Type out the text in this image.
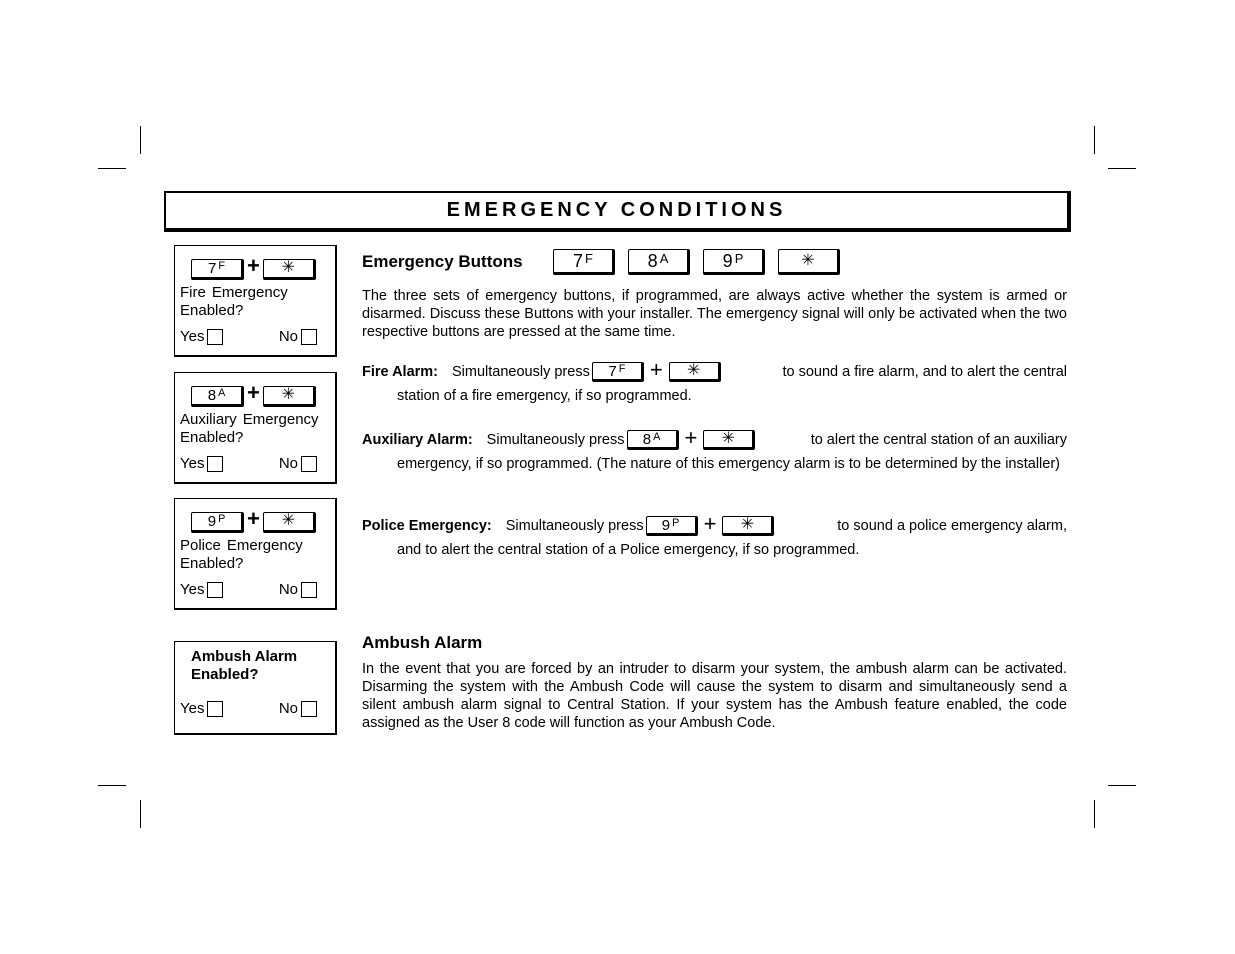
EMERGENCY CONDITIONS
7 F + ✳
Fire Emergency
Enabled?
Yes	No
8 A + ✳
Auxiliary Emergency
Enabled?
Yes	No
9 P + ✳
Police Emergency
Enabled?
Yes	No
Ambush Alarm
Enabled?
Yes	No
Emergency Buttons	7 F	8 A	9 P	✳
The three sets of emergency buttons, if programmed, are always active whether the system is armed or disarmed. Discuss these Buttons with your installer. The emergency signal will only be activated when the two respective buttons are pressed at the same time.
Fire Alarm: Simultaneously press 7 F + ✳	to sound a fire alarm, and to alert the central
station of a fire emergency, if so programmed.
Auxiliary Alarm: Simultaneously press 8 A + ✳	to alert the central station of an auxiliary
emergency, if so programmed. (The nature of this emergency alarm is to be determined by the installer)
Police Emergency: Simultaneously press 9 P + ✳	to sound a police emergency alarm,
and to alert the central station of a Police emergency, if so programmed.
Ambush Alarm
In the event that you are forced by an intruder to disarm your system, the ambush alarm can be activated. Disarming the system with the Ambush Code will cause the system to disarm and simultaneously send a silent ambush alarm signal to Central Station. If your system has the Ambush feature enabled, the code assigned as the User 8 code will function as your Ambush Code.
